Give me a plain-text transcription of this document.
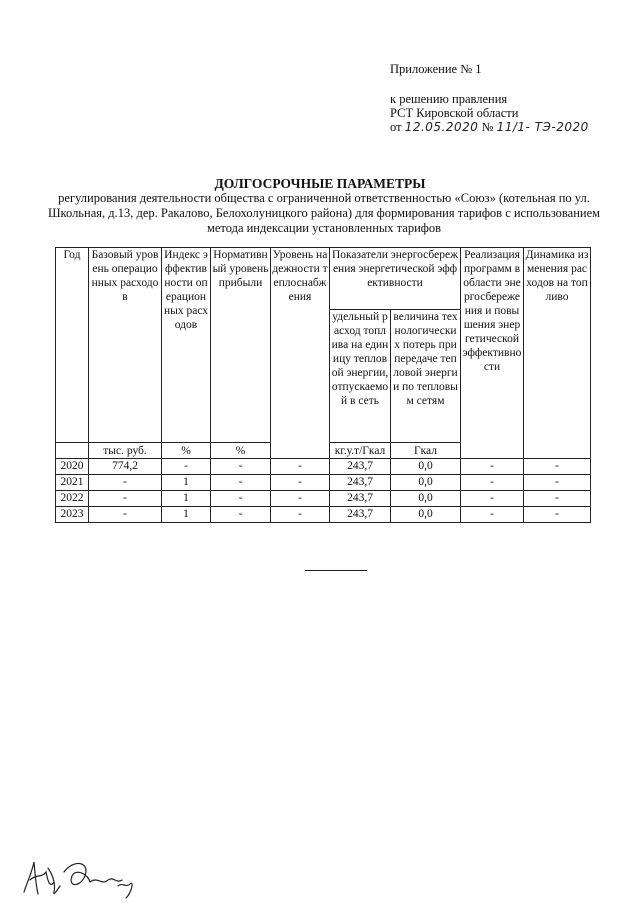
Приложение № 1
к решению правления
РСТ Кировской области
от 12.05.2020 № 11/1- ТЭ-2020
ДОЛГОСРОЧНЫЕ ПАРАМЕТРЫ
регулирования деятельности общества с ограниченной ответственностью «Союз» (котельная по ул. Школьная, д.13, дер. Ракалово, Белохолуницкого района) для формирования тарифов с использованием метода индексации установленных тарифов
Год	Базовый уровень операционных расходов	Индекс эффективности операционных расходов	Нормативный уровень прибыли	Уровень надежности теплоснабжения	Показатели энергосбережения энергетической эффективности		Реализация программ в области энергосбережения и повышения энергетической эффективности	Динамика изменения расходов на топливо
					удельный расход топлива на единицу тепловой энергии, отпускаемой в сеть	величина технологических потерь при передаче тепловой энергии по тепловым сетям		
	тыс. руб.	%	%		кг.у.т/Гкал	Гкал		
2020	774,2	-	-	-	243,7	0,0	-	-
2021	-	1	-	-	243,7	0,0	-	-
2022	-	1	-	-	243,7	0,0	-	-
2023	-	1	-	-	243,7	0,0	-	-
